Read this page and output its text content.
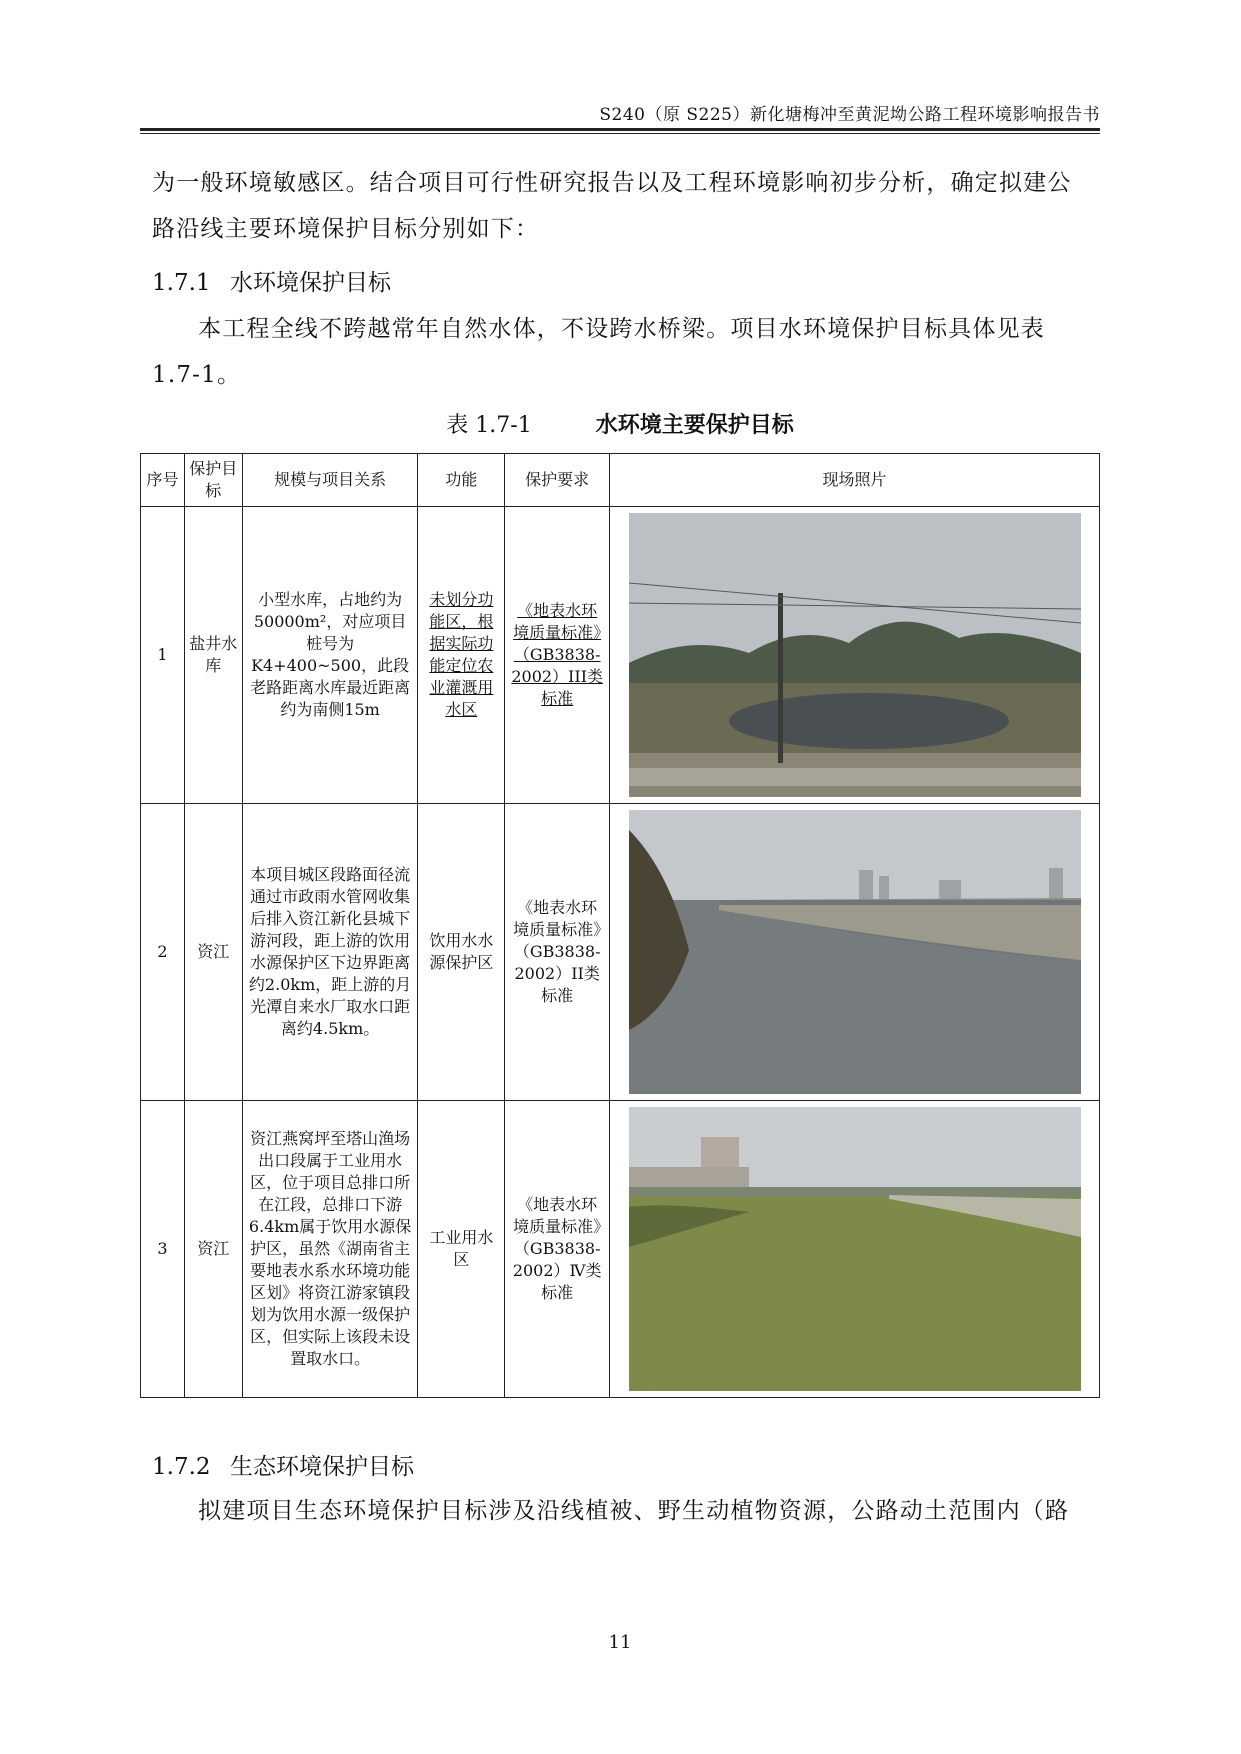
S240（原 S225）新化塘梅冲至黄泥坳公路工程环境影响报告书
为一般环境敏感区。结合项目可行性研究报告以及工程环境影响初步分析，确定拟建公路沿线主要环境保护目标分别如下：
1.7.1 水环境保护目标
本工程全线不跨越常年自然水体，不设跨水桥梁。项目水环境保护目标具体见表1.7-1。
表 1.7-1	水环境主要保护目标
序号	保护目标	规模与项目关系	功能	保护要求	现场照片
1	盐井水库	小型水库，占地约为50000m²，对应项目桩号为K4+400~500，此段老路距离水库最近距离约为南侧15m	未划分功能区，根据实际功能定位农业灌溉用水区	《地表水环境质量标准》（GB3838-2002）III类标准	

2	资江	本项目城区段路面径流通过市政雨水管网收集后排入资江新化县城下游河段，距上游的饮用水源保护区下边界距离约2.0km，距上游的月光潭自来水厂取水口距离约4.5km。	饮用水水源保护区	《地表水环境质量标准》（GB3838-2002）II类标准	

3	资江	资江燕窝坪至塔山渔场出口段属于工业用水区，位于项目总排口所在江段，总排口下游6.4km属于饮用水源保护区，虽然《湖南省主要地表水系水环境功能区划》将资江游家镇段划为饮用水源一级保护区，但实际上该段未设置取水口。	工业用水区	《地表水环境质量标准》（GB3838-2002）Ⅳ类标准	
1.7.2 生态环境保护目标
拟建项目生态环境保护目标涉及沿线植被、野生动植物资源，公路动土范围内（路
11
